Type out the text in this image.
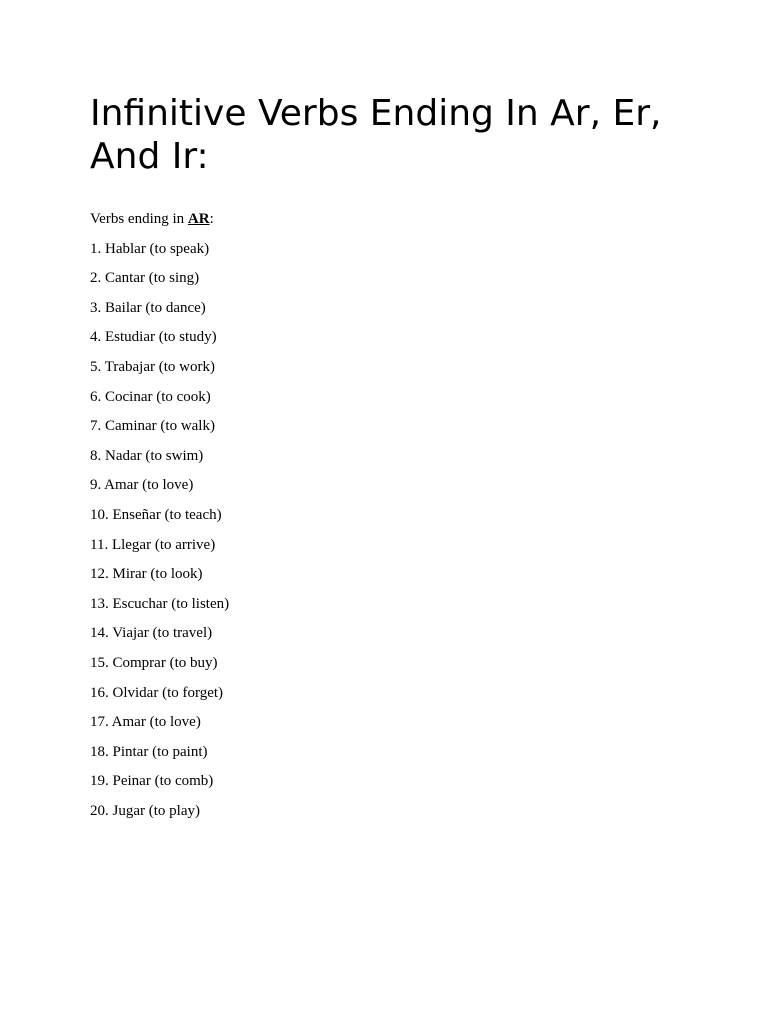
Infinitive Verbs Ending In Ar, Er, And Ir:

Verbs ending in AR:

1. Hablar (to speak)
2. Cantar (to sing)
3. Bailar (to dance)
4. Estudiar (to study)
5. Trabajar (to work)
6. Cocinar (to cook)
7. Caminar (to walk)
8. Nadar (to swim)
9. Amar (to love)
10. Enseñar (to teach)
11. Llegar (to arrive)
12. Mirar (to look)
13. Escuchar (to listen)
14. Viajar (to travel)
15. Comprar (to buy)
16. Olvidar (to forget)
17. Amar (to love)
18. Pintar (to paint)
19. Peinar (to comb)
20. Jugar (to play)
